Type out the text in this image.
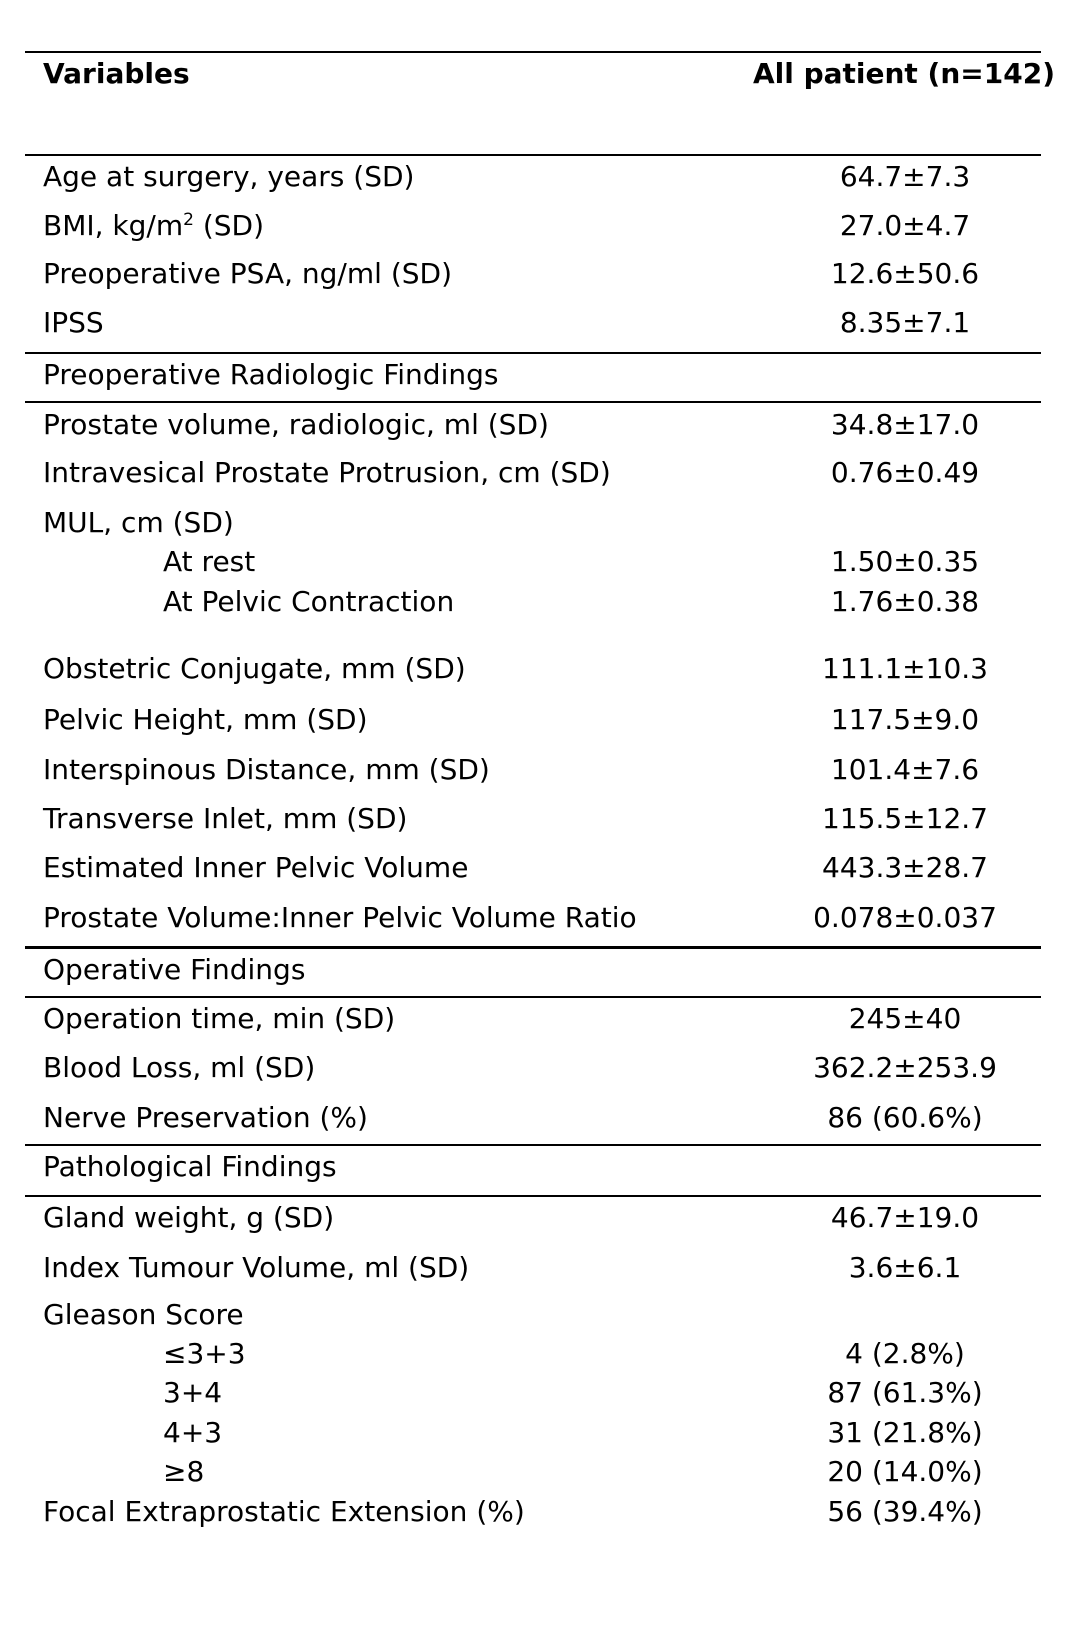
Variables	All patient (n=142)
Age at surgery, years (SD)	64.7±7.3
BMI, $kg/m^2$ (SD)	27.0±4.7
Preoperative PSA, ng/ml (SD)	12.6±50.6
IPSS	8.35±7.1
Preoperative Radiologic Findings
Prostate volume, radiologic, ml (SD)	34.8±17.0
Intravesical Prostate Protrusion, cm (SD)	0.76±0.49
MUL, cm (SD)
At rest	1.50±0.35
At Pelvic Contraction	1.76±0.38
Obstetric Conjugate, mm (SD)	111.1±10.3
Pelvic Height, mm (SD)	117.5±9.0
Interspinous Distance, mm (SD)	101.4±7.6
Transverse Inlet, mm (SD)	115.5±12.7
Estimated Inner Pelvic Volume	443.3±28.7
Prostate Volume:Inner Pelvic Volume Ratio	0.078±0.037
Operative Findings
Operation time, min (SD)	245±40
Blood Loss, ml (SD)	362.2±253.9
Nerve Preservation (%)	86 (60.6%)
Pathological Findings
Gland weight, g (SD)	46.7±19.0
Index Tumour Volume, ml (SD)	3.6±6.1
Gleason Score
≤3+3	4 (2.8%)
3+4	87 (61.3%)
4+3	31 (21.8%)
≥8	20 (14.0%)
Focal Extraprostatic Extension (%)	56 (39.4%)
